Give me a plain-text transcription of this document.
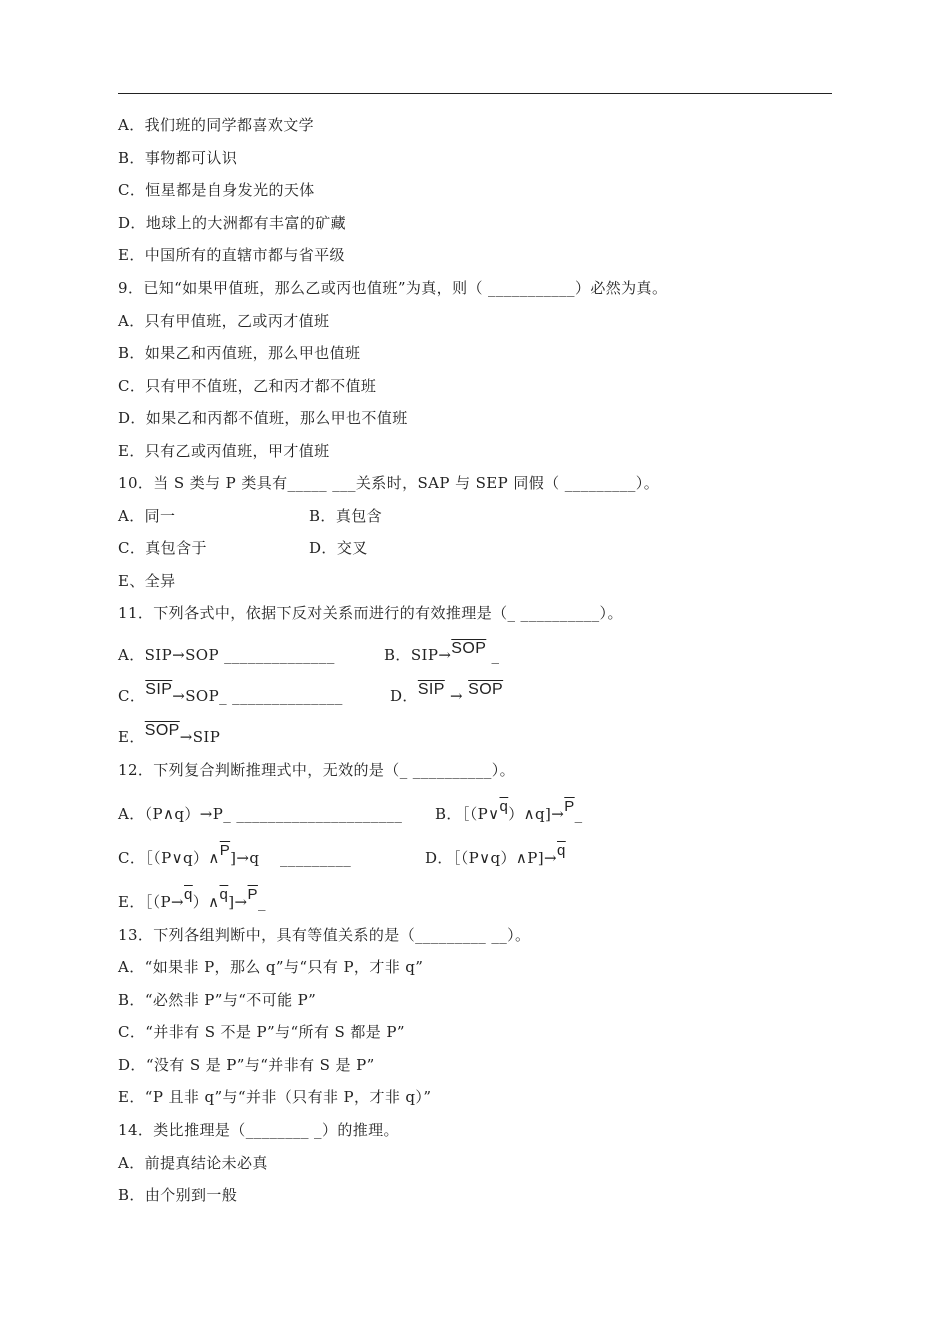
A．我们班的同学都喜欢文学
B．事物都可认识
C．恒星都是自身发光的天体
D．地球上的大洲都有丰富的矿藏
E．中国所有的直辖市都与省平级
9．已知“如果甲值班，那么乙或丙也值班”为真，则（ ___________）必然为真。
A．只有甲值班，乙或丙才值班
B．如果乙和丙值班，那么甲也值班
C．只有甲不值班，乙和丙才都不值班
D．如果乙和丙都不值班，那么甲也不值班
E．只有乙或丙值班，甲才值班
10．当 S 类与 P 类具有_____ ___关系时，SAP 与 SEP 同假（ _________）。
A．同一	B．真包含
C．真包含于	D．交叉
E、全异
11．下列各式中，依据下反对关系而进行的有效推理是（_ __________）。
A．SIP→SOP ______________	B．$SIP\to\overline{SOP}$ _
C．$\overline{SIP}\to SOP\_$ ______________	D．$\overline{SIP} \to \overline{SOP}$
E．$\overline{SOP}\to SIP$
12．下列复合判断推理式中，无效的是（_ __________）。
A．（P∧q）→P_ _____________________ B．$[(P\vee\overline{q})\wedge q]\to\overline{P}\_$
C．$[(P\vee q)\wedge\overline{P}]\to q$    _________	D．$[(P\vee q)\wedge P]\to\overline{q}$
E．$[(P\to\overline{q})\wedge\overline{q}]\to\overline{P}\_$
13．下列各组判断中，具有等值关系的是（_________ __）。
A．“如果非 P，那么 q”与“只有 P，才非 q”
B．“必然非 P”与“不可能 P”
C．“并非有 S 不是 P”与“所有 S 都是 P”
D．“没有 S 是 P”与“并非有 S 是 P”
E．“P 且非 q”与“并非（只有非 P，才非 q）”
14．类比推理是（________ _）的推理。
A．前提真结论未必真
B．由个别到一般
